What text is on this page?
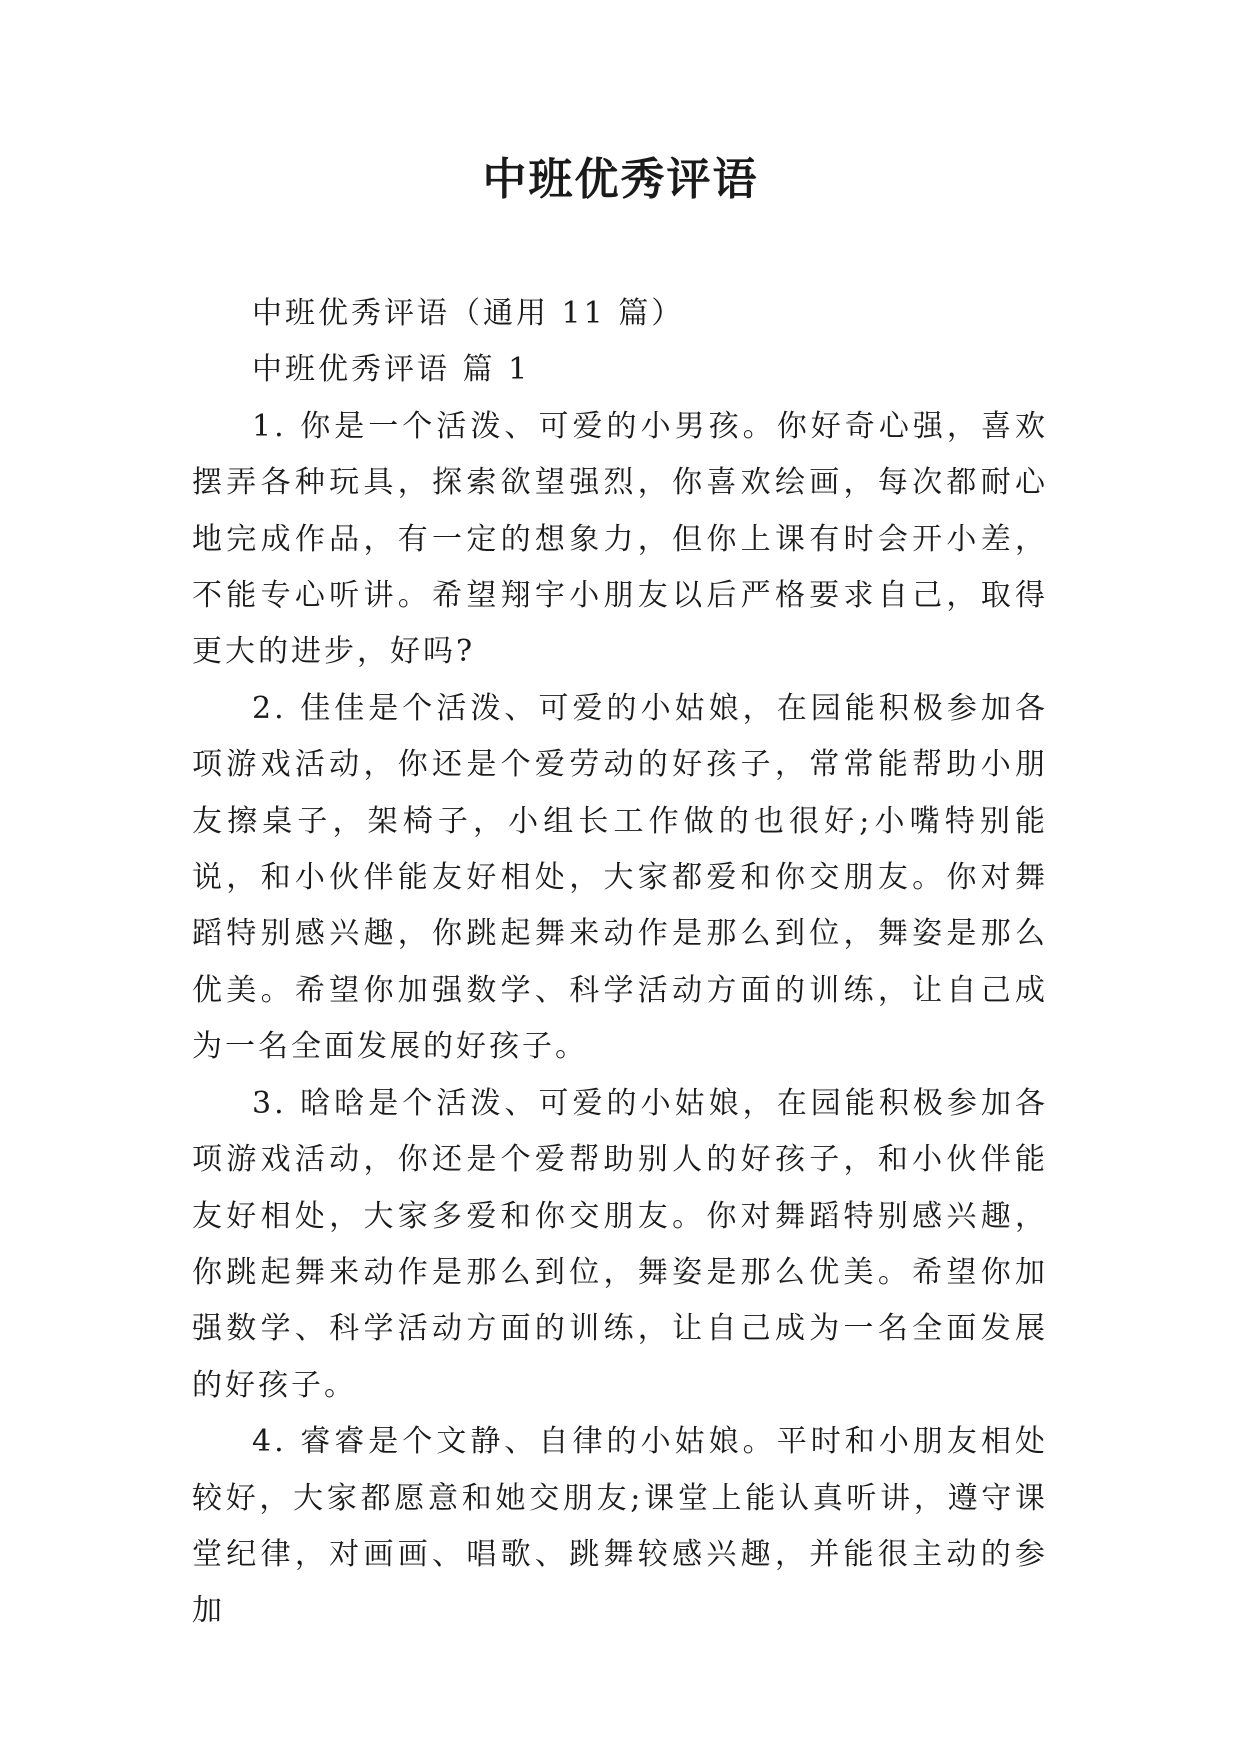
中班优秀评语

中班优秀评语（通用 11 篇）

中班优秀评语 篇 1

1. 你是一个活泼、可爱的小男孩。你好奇心强，喜欢摆弄各种玩具，探索欲望强烈，你喜欢绘画，每次都耐心地完成作品，有一定的想象力，但你上课有时会开小差，不能专心听讲。希望翔宇小朋友以后严格要求自己，取得更大的进步，好吗?

2. 佳佳是个活泼、可爱的小姑娘，在园能积极参加各项游戏活动，你还是个爱劳动的好孩子，常常能帮助小朋友擦桌子，架椅子，小组长工作做的也很好;小嘴特别能说，和小伙伴能友好相处，大家都爱和你交朋友。你对舞蹈特别感兴趣，你跳起舞来动作是那么到位，舞姿是那么优美。希望你加强数学、科学活动方面的训练，让自己成为一名全面发展的好孩子。

3. 晗晗是个活泼、可爱的小姑娘，在园能积极参加各项游戏活动，你还是个爱帮助别人的好孩子，和小伙伴能友好相处，大家多爱和你交朋友。你对舞蹈特别感兴趣，你跳起舞来动作是那么到位，舞姿是那么优美。希望你加强数学、科学活动方面的训练，让自己成为一名全面发展的好孩子。

4. 睿睿是个文静、自律的小姑娘。平时和小朋友相处较好，大家都愿意和她交朋友;课堂上能认真听讲，遵守课堂纪律，对画画、唱歌、跳舞较感兴趣，并能很主动的参加
